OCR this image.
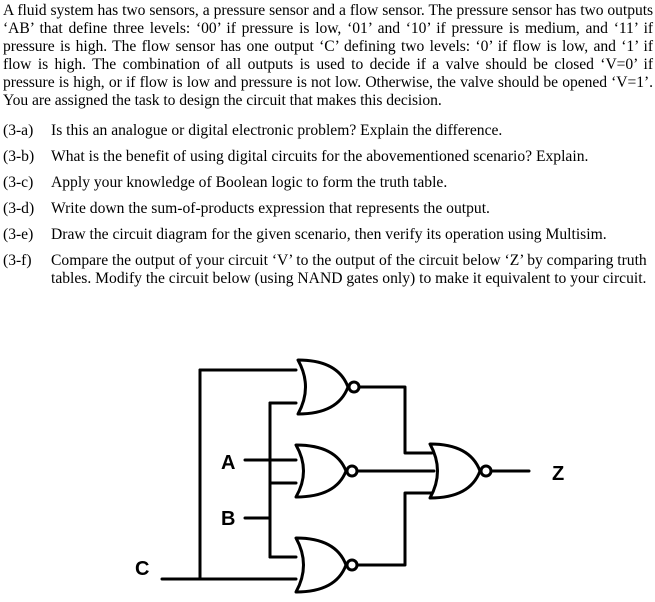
A fluid system has two sensors, a pressure sensor and a flow sensor. The pressure sensor has two outputs ‘AB’ that define three levels: ‘00’ if pressure is low, ‘01’ and ‘10’ if pressure is medium, and ‘11’ if pressure is high. The flow sensor has one output ‘C’ defining two levels: ‘0’ if flow is low, and ‘1’ if flow is high. The combination of all outputs is used to decide if a valve should be closed ‘V=0’ if pressure is high, or if flow is low and pressure is not low. Otherwise, the valve should be opened ‘V=1’. You are assigned the task to design the circuit that makes this decision.

(3-a)	Is this an analogue or digital electronic problem? Explain the difference.
(3-b)	What is the benefit of using digital circuits for the abovementioned scenario? Explain.
(3-c)	Apply your knowledge of Boolean logic to form the truth table.
(3-d)	Write down the sum-of-products expression that represents the output.
(3-e)	Draw the circuit diagram for the given scenario, then verify its operation using Multisim.
(3-f)	Compare the output of your circuit ‘V’ to the output of the circuit below ‘Z’ by comparing truth tables. Modify the circuit below (using NAND gates only) to make it equivalent to your circuit.
A
B
C
Z
